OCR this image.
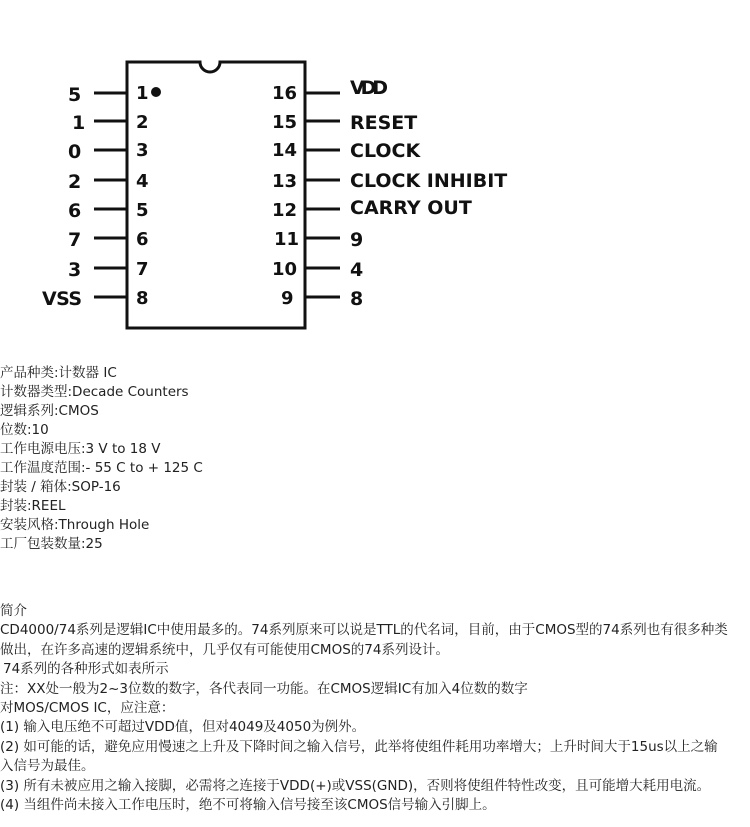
5	1
1	2
0	3
2	4
6	5
7	6
3	7
VSS	8
16	VDD
15	RESET
14	CLOCK
13	CLOCK INHIBIT
12	CARRY OUT
11	9
10	4
9	8
产品种类:计数器 IC
计数器类型:Decade Counters
逻辑系列:CMOS
位数:10
工作电源电压:3 V to 18 V
工作温度范围:- 55 C to + 125 C
封装 / 箱体:SOP-16
封装:REEL
安装风格:Through Hole
工厂包装数量:25
简介
CD4000/74系列是逻辑IC中使用最多的。74系列原来可以说是TTL的代名词，目前，由于CMOS型的74系列也有很多种类
做出，在许多高速的逻辑系统中，几乎仅有可能使用CMOS的74系列设计。
74系列的各种形式如表所示
注：XX处一般为2~3位数的数字，各代表同一功能。在CMOS逻辑IC有加入4位数的数字
对MOS/CMOS IC，应注意：
(1) 输入电压绝不可超过VDD值，但对4049及4050为例外。
(2) 如可能的话，避免应用慢速之上升及下降时间之输入信号，此举将使组件耗用功率增大；上升时间大于15us以上之输
入信号为最佳。
(3) 所有未被应用之输入接脚，必需将之连接于VDD(+)或VSS(GND)，否则将使组件特性改变，且可能增大耗用电流。
(4) 当组件尚未接入工作电压时，绝不可将输入信号接至该CMOS信号输入引脚上。
